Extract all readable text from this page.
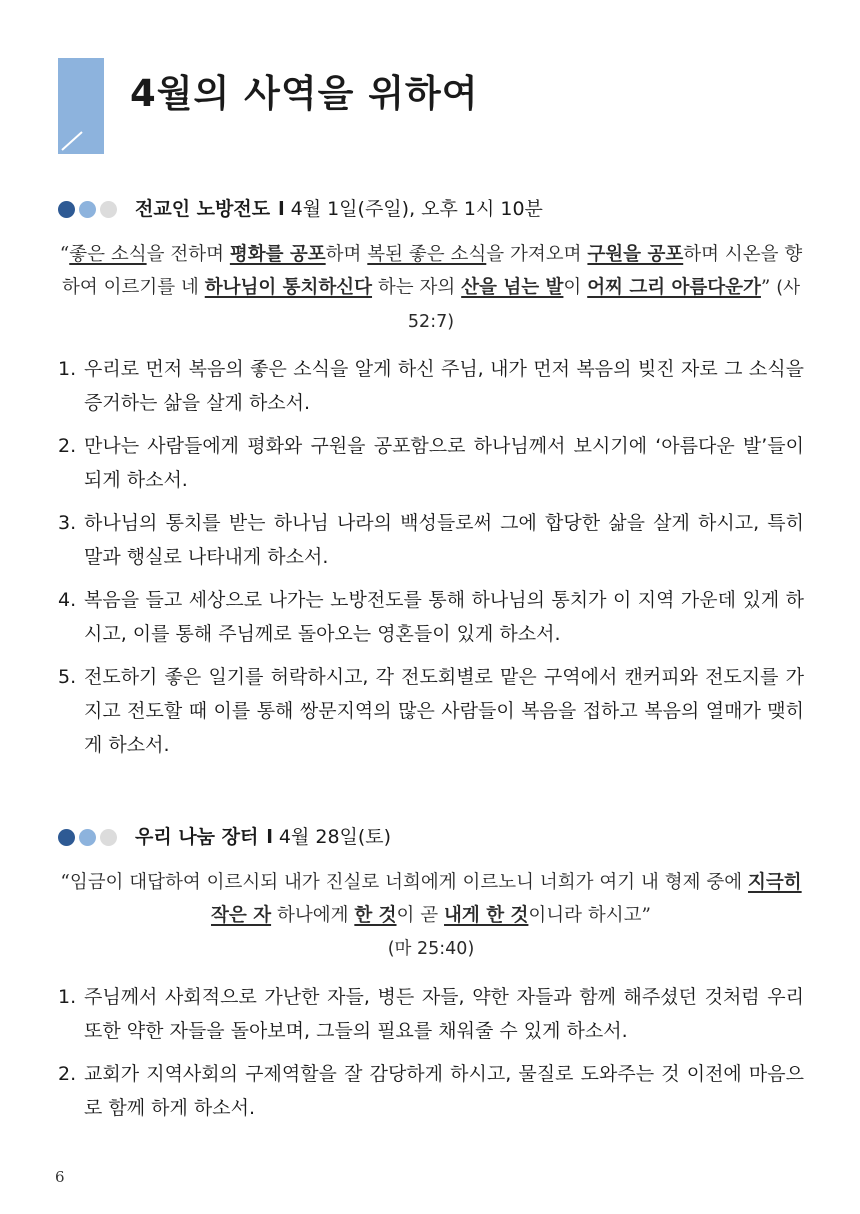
4월의 사역을 위하여
전교인 노방전도 l 4월 1일(주일), 오후 1시 10분
“좋은 소식을 전하며 평화를 공포하며 복된 좋은 소식을 가져오며 구원을 공포하며 시온을 향하여 이르기를 네 하나님이 통치하신다 하는 자의 산을 넘는 발이 어찌 그리 아름다운가” (사 52:7)
1. 우리로 먼저 복음의 좋은 소식을 알게 하신 주님, 내가 먼저 복음의 빚진 자로 그 소식을 증거하는 삶을 살게 하소서.
2. 만나는 사람들에게 평화와 구원을 공포함으로 하나님께서 보시기에 ‘아름다운 발’들이 되게 하소서.
3. 하나님의 통치를 받는 하나님 나라의 백성들로써 그에 합당한 삶을 살게 하시고, 특히 말과 행실로 나타내게 하소서.
4. 복음을 들고 세상으로 나가는 노방전도를 통해 하나님의 통치가 이 지역 가운데 있게 하시고, 이를 통해 주님께로 돌아오는 영혼들이 있게 하소서.
5. 전도하기 좋은 일기를 허락하시고, 각 전도회별로 맡은 구역에서 캔커피와 전도지를 가지고 전도할 때 이를 통해 쌍문지역의 많은 사람들이 복음을 접하고 복음의 열매가 맺히게 하소서.
우리 나눔 장터 l 4월 28일(토)
“임금이 대답하여 이르시되 내가 진실로 너희에게 이르노니 너희가 여기 내 형제 중에 지극히 작은 자 하나에게 한 것이 곧 내게 한 것이니라 하시고”
(마 25:40)
1. 주님께서 사회적으로 가난한 자들, 병든 자들, 약한 자들과 함께 해주셨던 것처럼 우리 또한 약한 자들을 돌아보며, 그들의 필요를 채워줄 수 있게 하소서.
2. 교회가 지역사회의 구제역할을 잘 감당하게 하시고, 물질로 도와주는 것 이전에 마음으로 함께 하게 하소서.
6
